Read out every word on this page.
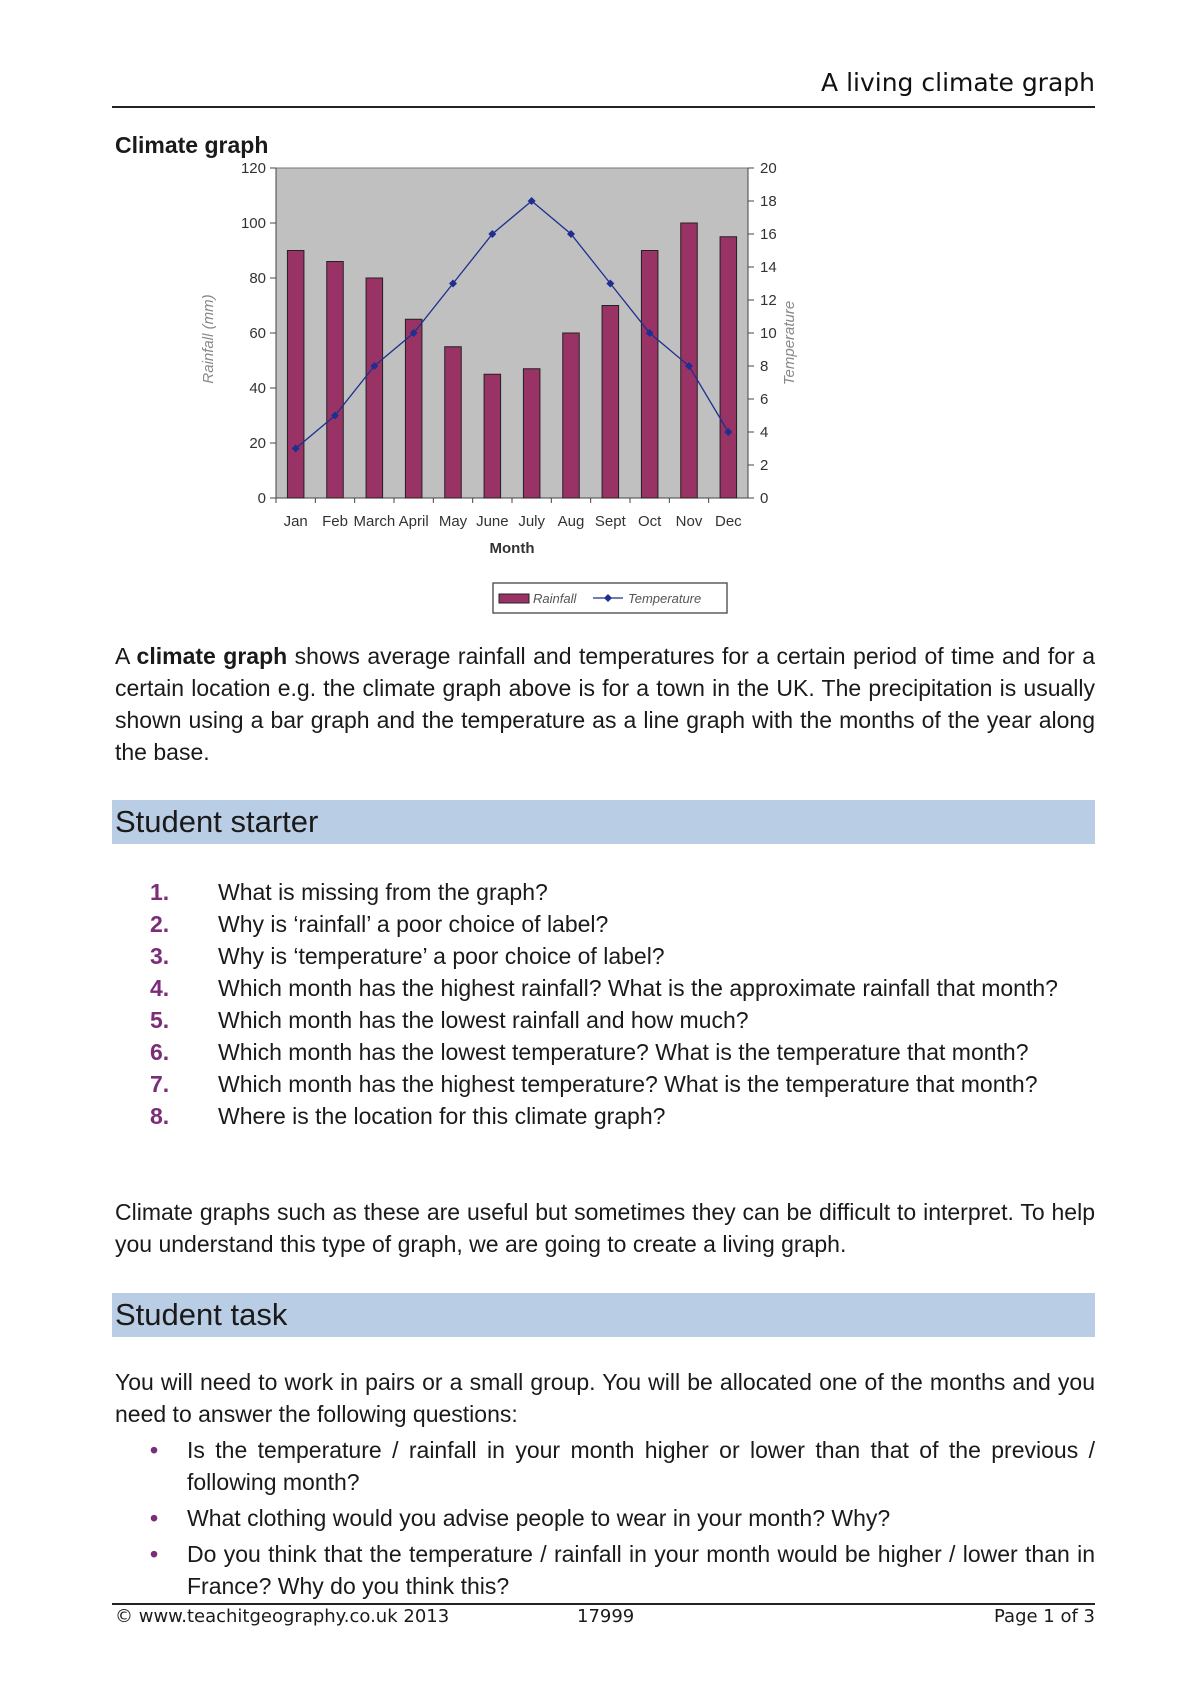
A living climate graph
Climate graph
0
20
40
60
80
100
120
0
2
4
6
8
10
12
14
16
18
20
Jan Feb March April May June July Aug Sept Oct Nov Dec
Month
Rainfall (mm)	Temperature
Rainfall	Temperature
A climate graph shows average rainfall and temperatures for a certain period of time and for a certain location e.g. the climate graph above is for a town in the UK. The precipitation is usually shown using a bar graph and the temperature as a line graph with the months of the year along the base.
Student starter
1.	What is missing from the graph?
2.	Why is ‘rainfall’ a poor choice of label?
3.	Why is ‘temperature’ a poor choice of label?
4.	Which month has the highest rainfall? What is the approximate rainfall that month?
5.	Which month has the lowest rainfall and how much?
6.	Which month has the lowest temperature? What is the temperature that month?
7.	Which month has the highest temperature? What is the temperature that month?
8.	Where is the location for this climate graph?
Climate graphs such as these are useful but sometimes they can be difficult to interpret. To help you understand this type of graph, we are going to create a living graph.
Student task
You will need to work in pairs or a small group. You will be allocated one of the months and you need to answer the following questions:
•	Is the temperature / rainfall in your month higher or lower than that of the previous / following month?
•	What clothing would you advise people to wear in your month? Why?
•	Do you think that the temperature / rainfall in your month would be higher / lower than in France? Why do you think this?
© www.teachitgeography.co.uk 2013	17999	Page 1 of 3
